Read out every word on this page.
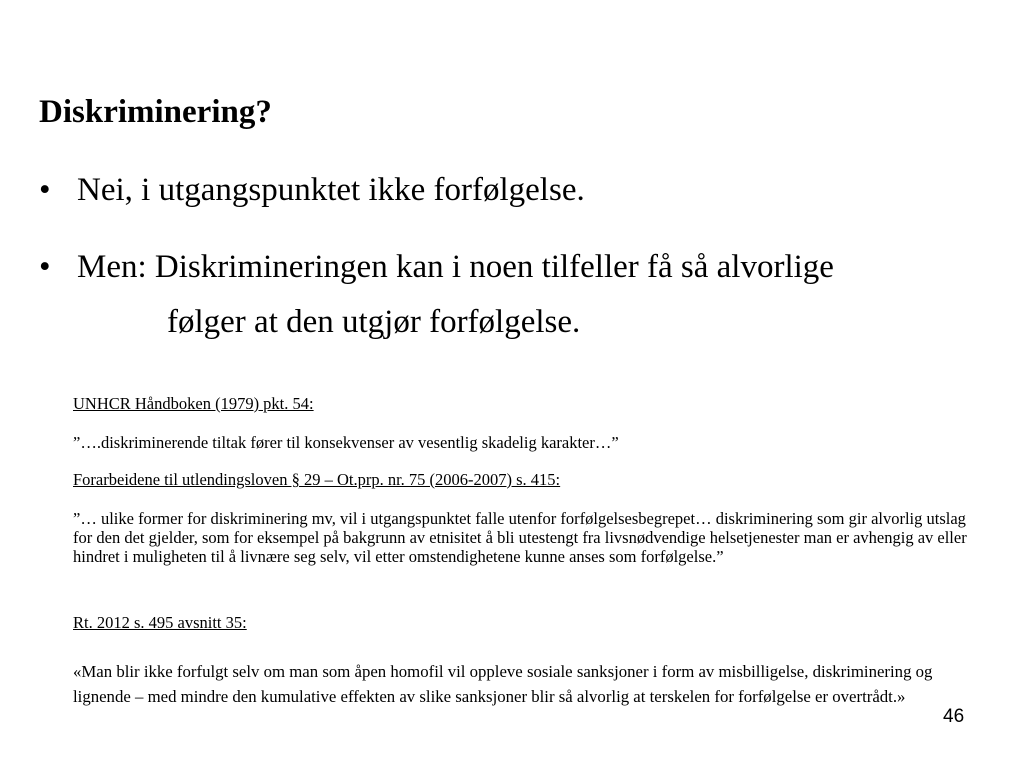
Diskriminering?
• Nei, i utgangspunktet ikke forfølgelse.
• Men: Diskrimineringen kan i noen tilfeller få så alvorlige
følger at den utgjør forfølgelse.
UNHCR Håndboken (1979) pkt. 54:
”….diskriminerende tiltak fører til konsekvenser av vesentlig skadelig karakter…”
Forarbeidene til utlendingsloven § 29 – Ot.prp. nr. 75 (2006-2007) s. 415:
”… ulike former for diskriminering mv, vil i utgangspunktet falle utenfor forfølgelsesbegrepet… diskriminering som gir alvorlig utslag for den det gjelder, som for eksempel på bakgrunn av etnisitet å bli utestengt fra livsnødvendige helsetjenester man er avhengig av eller hindret i muligheten til å livnære seg selv, vil etter omstendighetene kunne anses som forfølgelse.”
Rt. 2012 s. 495 avsnitt 35:
«Man blir ikke forfulgt selv om man som åpen homofil vil oppleve sosiale sanksjoner i form av misbilligelse, diskriminering og lignende – med mindre den kumulative effekten av slike sanksjoner blir så alvorlig at terskelen for forfølgelse er overtrådt.»
46
